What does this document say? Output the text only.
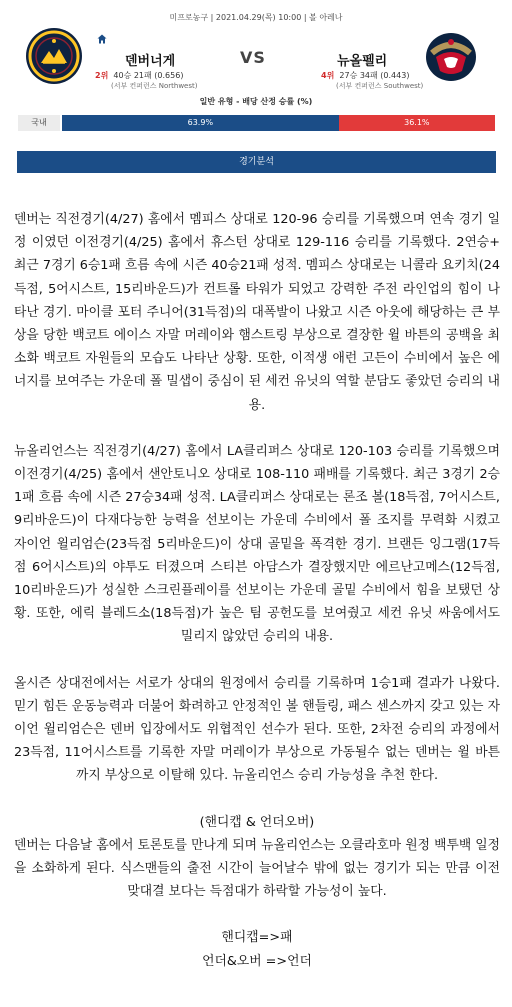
미프로농구 | 2021.04.29(목) 10:00 | 볼 아레나
덴버너게	VS	뉴올펠리
2위 40승 21패 (0.656)
(서부 컨퍼런스 Northwest)
4위 27승 34패 (0.443)
(서부 컨퍼런스 Southwest)
일반 유형 - 배당 산정 승률 (%)
국내	63.9%	36.1%
경기분석

덴버는 직전경기(4/27) 홈에서 멤피스 상대로 120-96 승리를 기록했으며 연속 경기 일정 이였던 이전경기(4/25) 홈에서 휴스턴 상대로 129-116 승리를 기록했다. 2연승+ 최근 7경기 6승1패 흐름 속에 시즌 40승21패 성적. 멤피스 상대로는 니콜라 요키치(24득점, 5어시스트, 15리바운드)가 컨트롤 타워가 되었고 강력한 주전 라인업의 힘이 나타난 경기. 마이클 포터 주니어(31득점)의 대폭발이 나왔고 시즌 아웃에 해당하는 큰 부상을 당한 백코트 에이스 자말 머레이와 햄스트링 부상으로 결장한 윌 바튼의 공백을 최소화 백코트 자원들의 모습도 나타난 상황. 또한, 이적생 애런 고든이 수비에서 높은 에너지를 보여주는 가운데 폴 밀샙이 중심이 된 세컨 유닛의 역할 분담도 좋았던 승리의 내용.

뉴올리언스는 직전경기(4/27) 홈에서 LA클리퍼스 상대로 120-103 승리를 기록했으며 이전경기(4/25) 홈에서 샌안토니오 상대로 108-110 패배를 기록했다. 최근 3경기 2승1패 흐름 속에 시즌 27승34패 성적. LA클리퍼스 상대로는 론조 볼(18득점, 7어시스트, 9리바운드)이 다재다능한 능력을 선보이는 가운데 수비에서 폴 조지를 무력화 시켰고 자이언 윌리엄슨(23득점 5리바운드)이 상대 골밑을 폭격한 경기. 브랜든 잉그램(17득점 6어시스트)의 야투도 터졌으며 스티븐 아담스가 결장했지만 에르난고메스(12득점, 10리바운드)가 성실한 스크린플레이를 선보이는 가운데 골밑 수비에서 힘을 보탰던 상황. 또한, 에릭 블레드소(18득점)가 높은 팀 공헌도를 보여줬고 세컨 유닛 싸움에서도 밀리지 않았던 승리의 내용.

올시즌 상대전에서는 서로가 상대의 원정에서 승리를 기록하며 1승1패 결과가 나왔다. 믿기 힘든 운동능력과 더불어 화려하고 안정적인 볼 핸들링, 패스 센스까지 갖고 있는 자이언 윌리엄슨은 덴버 입장에서도 위협적인 선수가 된다. 또한, 2차전 승리의 과정에서 23득점, 11어시스트를 기록한 자말 머레이가 부상으로 가동될수 없는 덴버는 윌 바튼 까지 부상으로 이탈해 있다. 뉴올리언스 승리 가능성을 추천 한다.

(핸디캡 & 언더오버)

덴버는 다음날 홈에서 토론토를 만나게 되며 뉴올리언스는 오클라호마 원정 백투백 일정을 소화하게 된다. 식스맨들의 출전 시간이 늘어날수 밖에 없는 경기가 되는 만큼 이전 맞대결 보다는 득점대가 하락할 가능성이 높다.

핸디캡=>패

언더&오버 =>언더
